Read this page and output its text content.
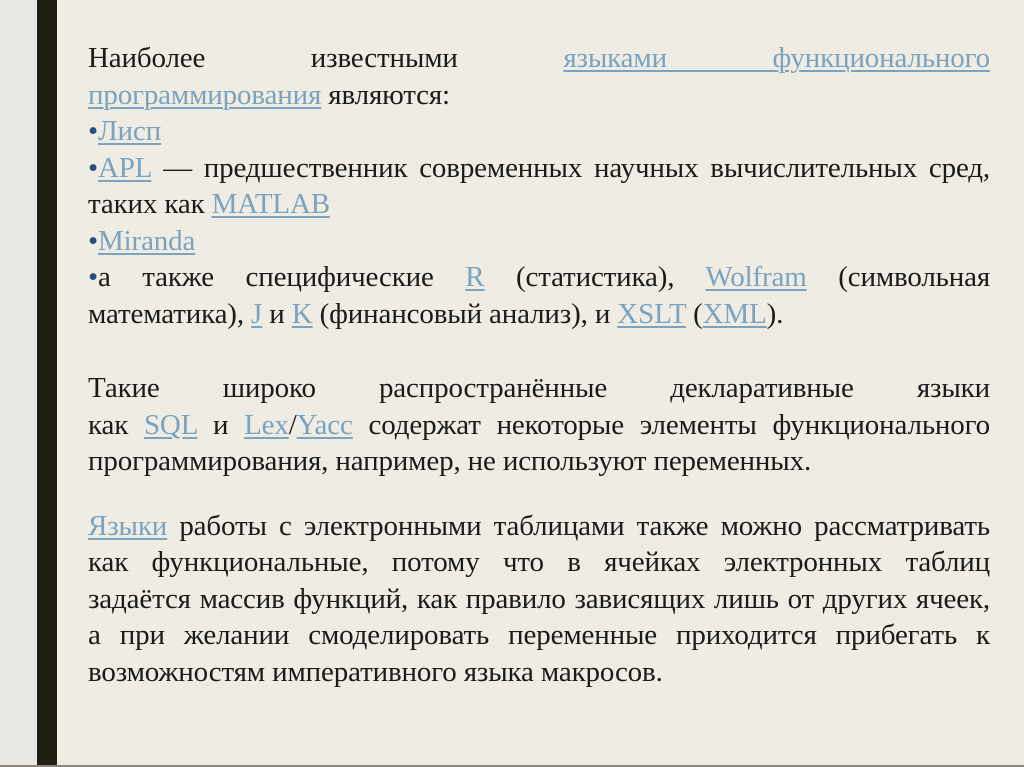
Наиболее известными языками функционального
программирования являются:
•Лисп
•APL — предшественник современных научных вычислительных сред,
таких как MATLAB
•Miranda
•а также специфические R (статистика), Wolfram (символьная
математика), J и K (финансовый анализ), и XSLT (XML).
Такие широко распространённые декларативные языки
как SQL и Lex/Yacc содержат некоторые элементы функционального
программирования, например, не используют переменных.
Языки работы с электронными таблицами также можно рассматривать
как функциональные, потому что в ячейках электронных таблиц
задаётся массив функций, как правило зависящих лишь от других ячеек,
а при желании смоделировать переменные приходится прибегать к
возможностям императивного языка макросов.
